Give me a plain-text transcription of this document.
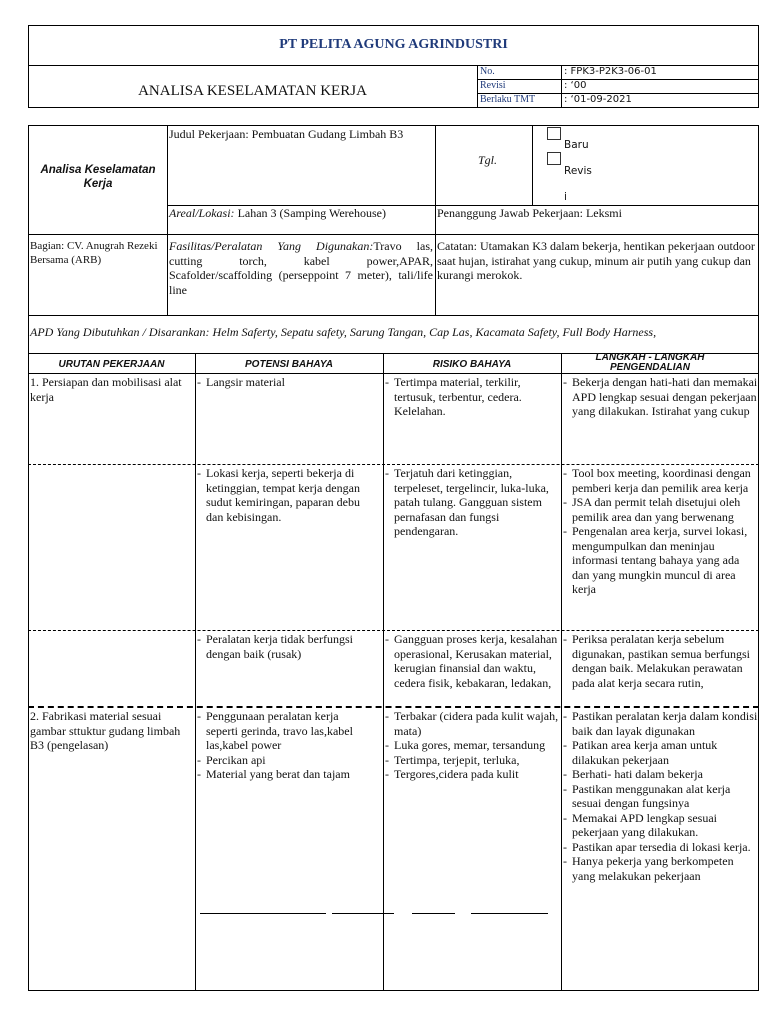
PT PELITA AGUNG AGRINDUSTRI
ANALISA KESELAMATAN KERJA
No.	: FPK3-P2K3-06-01
Revisi	: ‘00
Berlaku TMT	: ‘01-09-2021
Analisa Keselamatan Kerja
Judul Pekerjaan: Pembuatan Gudang Limbah B3
Tgl.
Baru
Revis
i
Areal/Lokasi: Lahan 3 (Samping Werehouse)	Penanggung Jawab Pekerjaan: Leksmi
Bagian: CV. Anugrah Rezeki Bersama (ARB)
Fasilitas/Peralatan Yang Digunakan:Travo las, cutting torch, kabel power,APAR, Scafolder/scaffolding (perseppoint 7 meter), tali/life line
Catatan: Utamakan K3 dalam bekerja, hentikan pekerjaan outdoor saat hujan, istirahat yang cukup, minum air putih yang cukup dan kurangi merokok.
APD Yang Dibutuhkan / Disarankan: Helm Saferty, Sepatu safety, Sarung Tangan, Cap Las, Kacamata Safety, Full Body Harness,
URUTAN PEKERJAAN	POTENSI BAHAYA	RISIKO BAHAYA
LANGKAH - LANGKAH PENGENDALIAN
1. Persiapan dan mobilisasi alat kerja
- Langsir material
-	Tertimpa material, terkilir, tertusuk, terbentur, cedera. Kelelahan.
- Bekerja dengan hati-hati dan memakai APD lengkap sesuai dengan pekerjaan yang dilakukan. Istirahat yang cukup
- Lokasi kerja, seperti bekerja di ketinggian, tempat kerja dengan sudut kemiringan, paparan debu dan kebisingan.
- Terjatuh dari ketinggian, terpeleset, tergelincir, luka-luka, patah tulang. Gangguan sistem pernafasan dan fungsi pendengaran.
- Tool box meeting, koordinasi dengan pemberi kerja dan pemilik area kerja
- JSA dan permit telah disetujui oleh pemilik area dan yang berwenang
- Pengenalan area kerja, survei lokasi, mengumpulkan dan meninjau informasi tentang bahaya yang ada dan yang mungkin muncul di area kerja
- Peralatan kerja tidak berfungsi dengan baik (rusak)
- Gangguan proses kerja, kesalahan operasional, Kerusakan material, kerugian finansial dan waktu, cedera fisik, kebakaran, ledakan,
- Periksa peralatan kerja sebelum digunakan, pastikan semua berfungsi dengan baik. Melakukan perawatan pada alat kerja secara rutin,
2. Fabrikasi material sesuai gambar sttuktur gudang limbah B3 (pengelasan)
- Penggunaan peralatan kerja seperti gerinda, travo las,kabel las,kabel power
- Percikan api
- Material yang berat dan tajam
- Terbakar (cidera pada kulit wajah, mata)
- Luka gores, memar, tersandung
- Tertimpa, terjepit, terluka,
- Tergores,cidera pada kulit
- Pastikan peralatan kerja dalam kondisi baik dan layak digunakan
- Patikan area kerja aman untuk dilakukan pekerjaan
- Berhati- hati dalam bekerja
- Pastikan menggunakan alat kerja sesuai dengan fungsinya
- Memakai APD lengkap sesuai pekerjaan yang dilakukan.
- Pastikan apar tersedia di lokasi kerja.
- Hanya pekerja yang berkompeten yang melakukan pekerjaan
